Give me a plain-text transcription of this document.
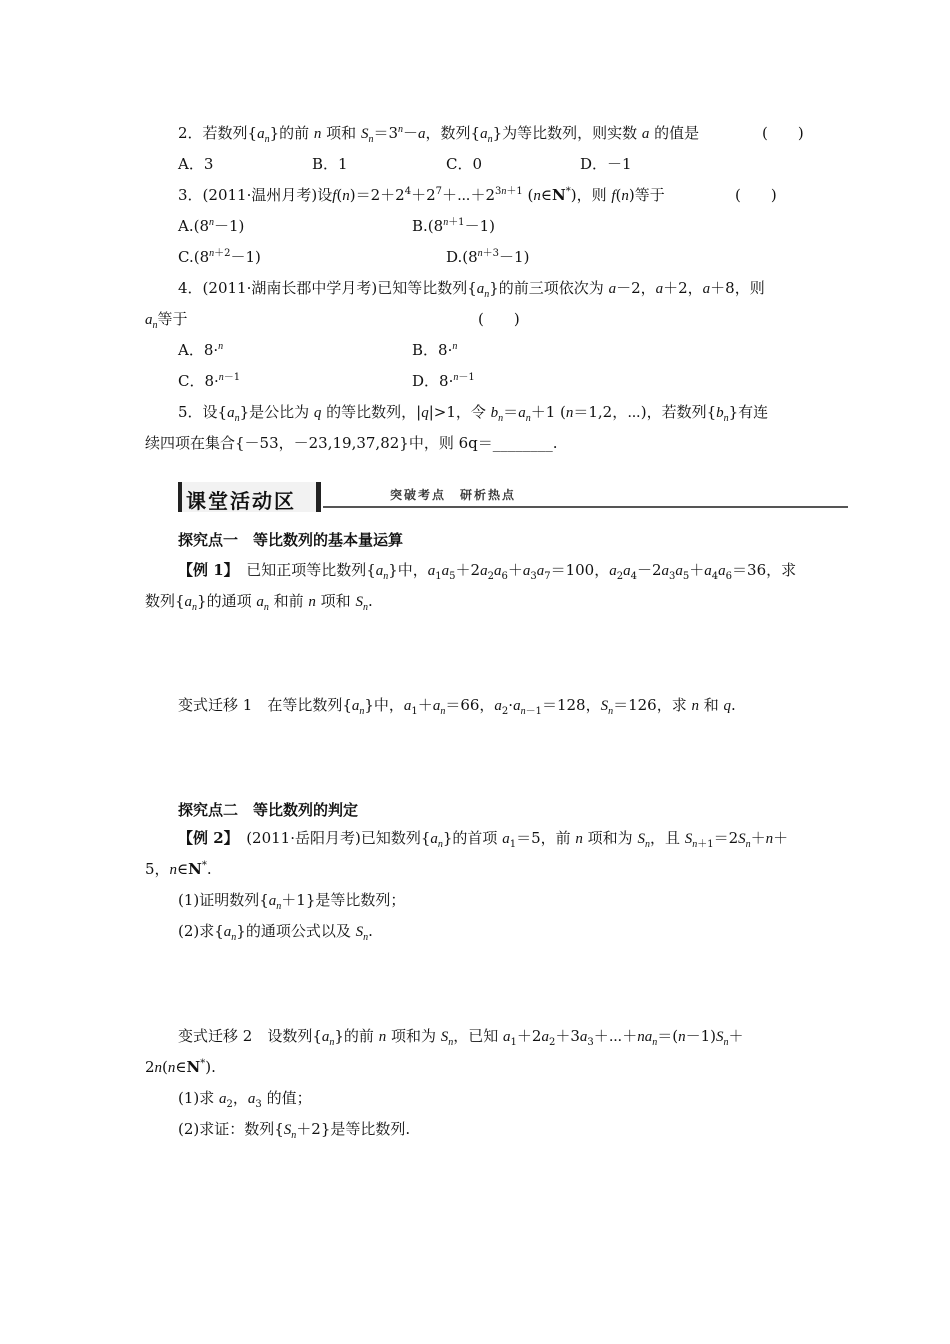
2．若数列$\{a_n\}$的前 n 项和 $S_n=3^n-a$，数列$\{a_n\}$为等比数列，则实数 a 的值是	(　　)
A．3	B．1	C．0	D．－1
3．(2011·温州月考)设$f(n)=2+2^4+2^7+\cdots+2^{3n+1}$ (n∈N*)，则 f(n)等于	(　　)
$A.(8^n-1)$	$B.(8^{n+1}-1)$
$C.(8^{n+2}-1)$	$D.(8^{n+3}-1)$
4．(2011·湖南长郡中学月考)已知等比数列$\{a_n\}$的前三项依次为 a－2，a＋2，a＋8，则
$a_n$等于	(　　)
A．8·$^n$	B．8·$^n$
C．8·$^{n-1}$	D．8·$^{n-1}$
5．设$\{a_n\}$是公比为 q 的等比数列，|q|>1，令 $b_n=a_n+1$ (n＝1,2，⋯)，若数列$\{b_n\}$有连
续四项在集合{－53，－23,19,37,82}中，则 6q＝________.
课堂活动区	突破考点　研析热点
探究点一　等比数列的基本量运算
【例 1】　 已知正项等比数列$\{a_n\}$中，$a_1a_5+2a_2a_6+a_3a_7=100$，$a_2a_4-2a_3a_5+a_4a_6=36$，求
数列$\{a_n\}$的通项 $a_n$ 和前 n 项和 $S_n$.
变式迁移 1　 在等比数列$\{a_n\}$中，$a_1+a_n=66$，$a_2\cdot a_{n-1}=128$，$S_n=126$，求 n 和 q.
探究点二　等比数列的判定
【例 2】　 (2011·岳阳月考)已知数列$\{a_n\}$的首项 $a_1=5$，前 n 项和为 $S_n$，且 $S_{n+1}=2S_n+n+$
5，n∈N*.
(1)证明数列$\{a_n+1\}$是等比数列；
(2)求$\{a_n\}$的通项公式以及 $S_n$.
变式迁移 2　 设数列$\{a_n\}$的前 n 项和为 $S_n$，已知 $a_1+2a_2+3a_3+\cdots+na_n=(n-1)S_n+$
2n(n∈N*).
(1)求 $a_2$，$a_3$ 的值；
(2)求证：数列$\{S_n+2\}$是等比数列.
